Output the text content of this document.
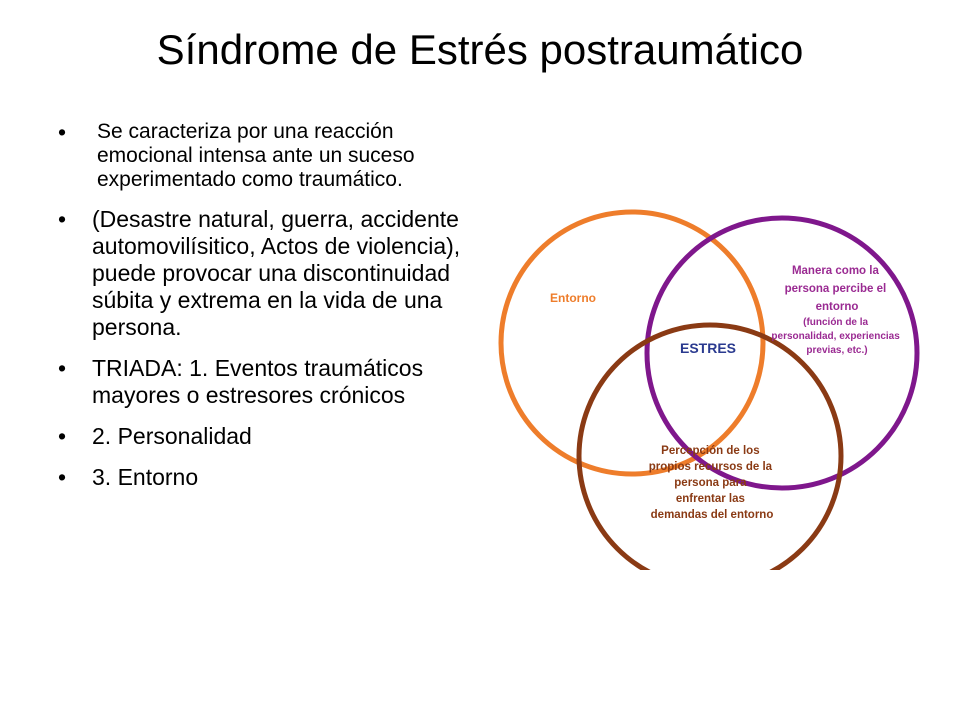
Síndrome de Estrés postraumático
• Se caracteriza por una reacción emocional intensa ante un suceso experimentado como traumático.
• (Desastre natural, guerra, accidente automovilísitico, Actos de violencia), puede provocar una discontinuidad súbita y extrema en la vida de una persona.
• TRIADA: 1. Eventos traumáticos mayores o estresores crónicos
• 2. Personalidad
• 3. Entorno
Entorno
ESTRES
Manera como la persona percibe el entorno
(función de la personalidad, experiencias previas, etc.)
Percepción de los propios recursos de la persona para enfrentar las demandas del entorno
